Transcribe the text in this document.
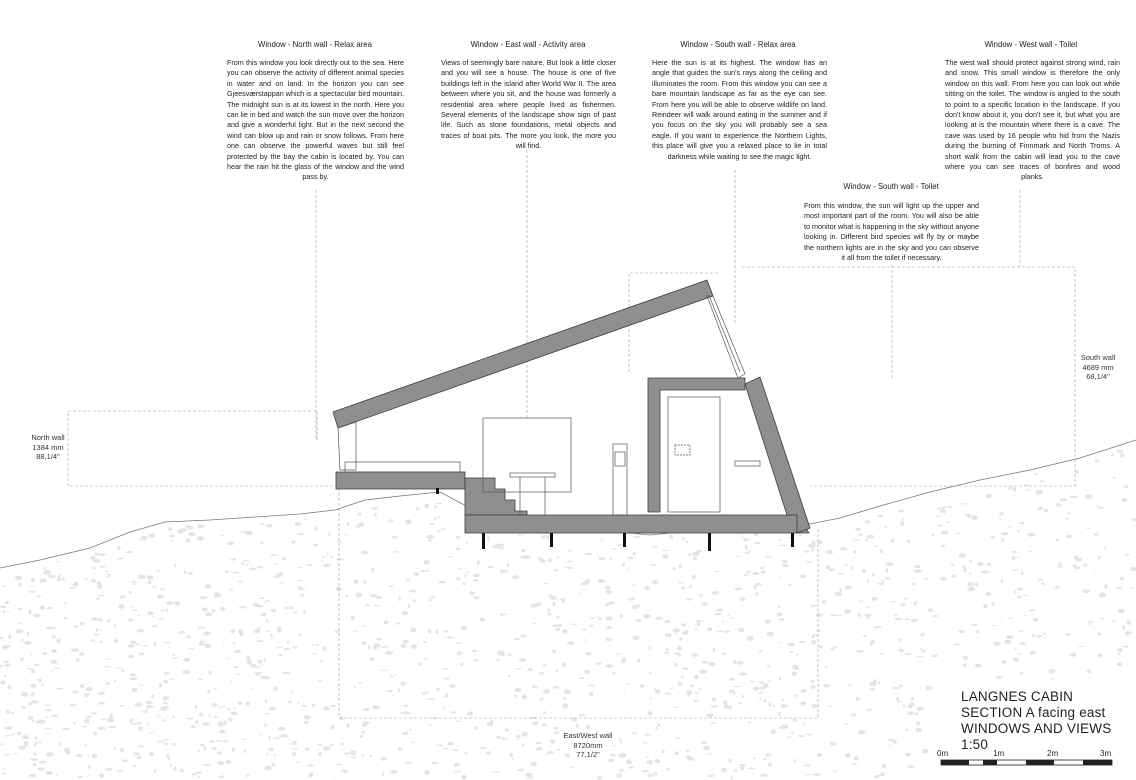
Window - North wall - Relax area	Window - East wall - Activity area	Window - South wall - Relax area	Window - West wall - Toilet
Window - South wall - Toilet
From this window you look directly out to the sea. Here you can observe the activity of different animal species in water and on land. In the horizon you can see Gjeesværstappan which is a spectacular bird mountain. The midnight sun is at its lowest in the north. Here you can lie in bed and watch the sun move over the horizon and give a wonderful light. But in the next second the wind can blow up and rain or snow follows. From here one can observe the powerful waves but still feel protected by the bay the cabin is located by. You can hear the rain hit the glass of the window and the wind pass by.
Views of seemingly bare nature. But look a little closer and you will see a house. The house is one of five buildings left in the island after World War II. The area between where you sit, and the house was formerly a residential area where people lived as fishermen. Several elements of the landscape show sign of past life. Such as stone foundations, metal objects and traces of boat pits. The more you look, the more you will find.
Here the sun is at its highest. The window has an angle that guides the sun's rays along the ceiling and illuminates the room. From this window you can see a bare mountain landscape as far as the eye can see. From here you will be able to observe wildlife on land. Reindeer will walk around eating in the summer and if you focus on the sky you will probably see a sea eagle. If you want to experience the Northern Lights, this place will give you a relaxed place to lie in total darkness while waiting to see the magic light.
The west wall should protect against strong wind, rain and snow. This small window is therefore the only window on this wall. From here you can look out while sitting on the toilet. The window is angled to the south to point to a specific location in the landscape. If you don't know about it, you don't see it, but what you are looking at is the mountain where there is a cave. The cave was used by 16 people who hid from the Nazis during the burning of Finnmark and North Troms. A short walk from the cabin will lead you to the cave where you can see traces of bonfires and wood planks.
From this window, the sun will light up the upper and most important part of the room. You will also be able to monitor what is happening in the sky without anyone looking in. Different bird species will fly by or maybe the northern lights are in the sky and you can observe it all from the toilet if necessary.
North wall
1384 mm
88,1/4"
South wall
4689 mm
68,1/4"
East/West wall
8720mm
77,1/2"
LANGNES CABIN
SECTION A facing east
WINDOWS AND VIEWS
1:50
0m	1m	2m	3m
